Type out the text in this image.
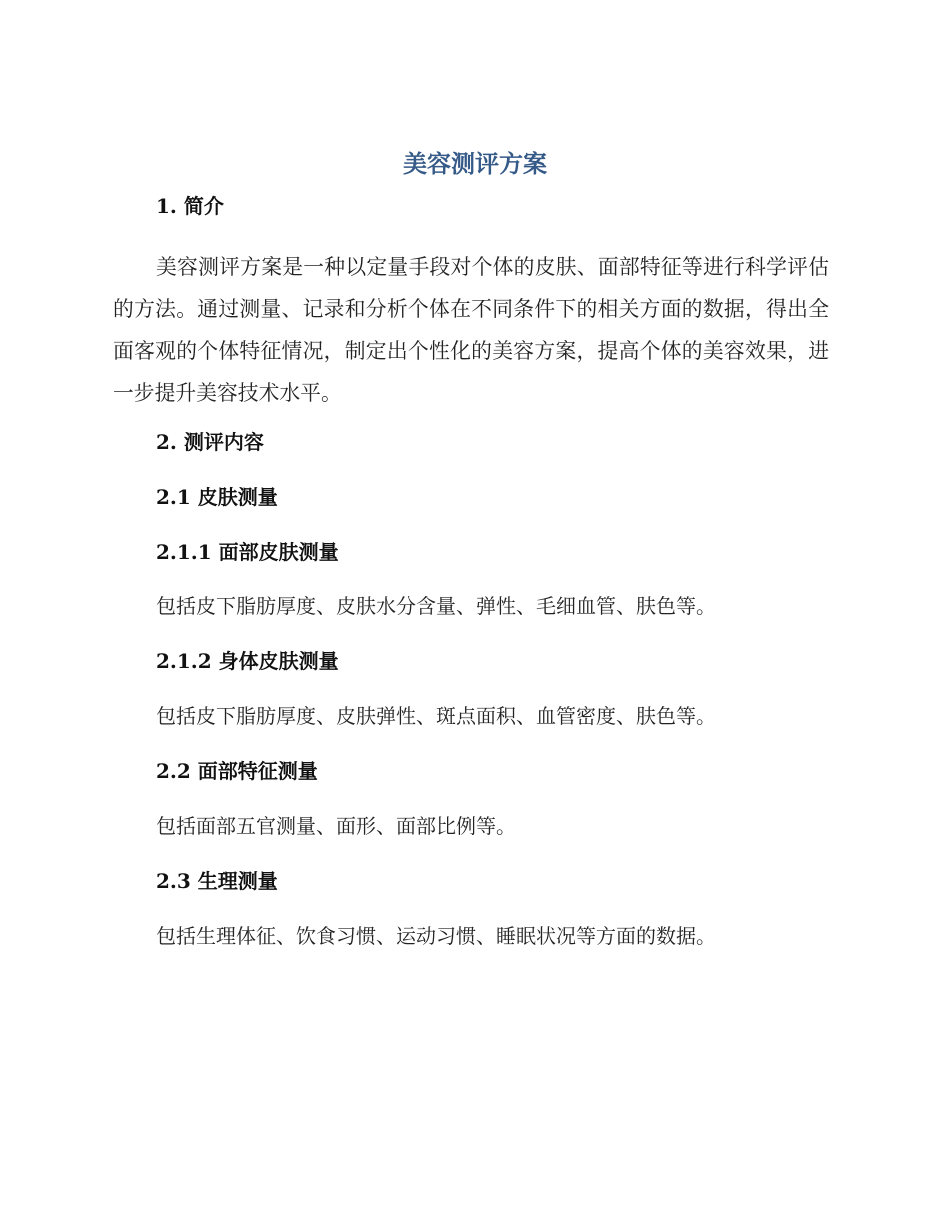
美容测评方案
1. 简介

美容测评方案是一种以定量手段对个体的皮肤、面部特征等进行科学评估的方法。通过测量、记录和分析个体在不同条件下的相关方面的数据，得出全面客观的个体特征情况，制定出个性化的美容方案，提高个体的美容效果，进一步提升美容技术水平。

2. 测评内容
2.1 皮肤测量
2.1.1 面部皮肤测量

包括皮下脂肪厚度、皮肤水分含量、弹性、毛细血管、肤色等。

2.1.2 身体皮肤测量

包括皮下脂肪厚度、皮肤弹性、斑点面积、血管密度、肤色等。

2.2 面部特征测量

包括面部五官测量、面形、面部比例等。

2.3 生理测量

包括生理体征、饮食习惯、运动习惯、睡眠状况等方面的数据。
